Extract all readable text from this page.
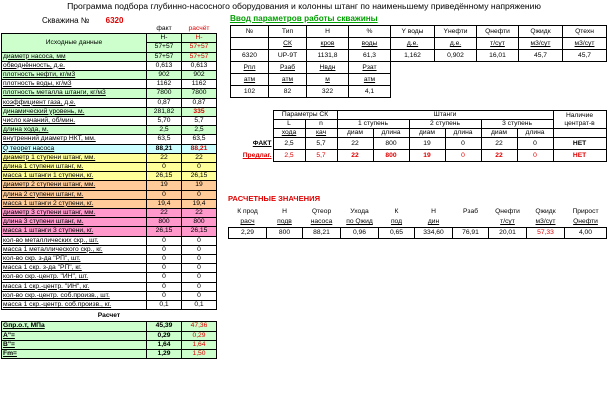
Программа подбора глубинно-насосного оборудования и колонны штанг по наименьшему приведённому напряжению
Скважина № 6320	Ввод параметров работы скважины
	факт	расчёт
Исходные данные	Н-	Н-
	57+57	57+57
диаметр насоса, мм	57+57	57+57
обводнённость, д.е.	0,613	0,613
плотность нефти, кг/м3	902	902
плотность воды, кг/м3	1162	1162
плотность металла штанги, кг/м3	7800	7800
коэффициент газа, д.е.	0,87	0,87
динамический уровень, м.	281,82	335
число качаний, об/мин.	5,70	5,7
длина хода, м.	2,5	2,5
внутренний диаметр НКТ, мм.	63,5	63,5
Q теорет насоса	88,21	88,21
диаметр 1 ступени штанг, мм.	22	22
длина 1 ступени штанг, м.	0	0
масса 1 штанги 1 ступени, кг.	26,15	26,15
диаметр 2 ступени штанг, мм.	19	19
длина 2 ступени штанг, м.	0	0
масса 1 штанги 2 ступени, кг.	19,4	19,4
диаметр 3 ступени штанг, мм.	22	22
длина 3 ступени штанг, м.	800	800
масса 1 штанги 3 ступени, кг.	26,15	26,15
кол-во металлических скр., шт.	0	0
масса 1 металлического скр., кг.	0	0
кол-во скр. з-да "РП", шт.	0	0
масса 1 скр. з-да "РП", кг.	0	0
кол-во скр.-центр. "ИН", шт.	0	0
масса 1 скр.-центр. "ИН", кг.	0	0
кол-во скр.-центр. соб.произв., шт.	0	0
масса 1 скр.-центр. соб.произв., кг.	0,1	0,1
Расчет		
Gпр.о.т, МПа	45,39	47,36
A"=	0,29	0,29
B"=	1,64	1,64
Fm=	1,29	1,50
№	Тип	Н	%	Y воды	Yнефти	Qнефти	Qжидк	Qтехн
	СК	кров	воды	д.е.	д.е.	т/сут	м3/сут	м3/сут
6320	UP-9T	1131,8	61,3	1,162	0,902	16,01	45,7	45,7
Рпл	Рзаб	Нвдн	Рзат					
атм	атм	м	атм					
102	82	322	4,1					
	Параметры СК		Штанги						Наличие центрат-в
	L	n	1 ступень		2 ступень		3 ступень		
	хода	кач	диам	длина	диам	длина	диам	длина	
ФАКТ	2,5	5,7	22	800	19	0	22	0	НЕТ
Предлаг.	2,5	5,7	22	800	19	0	22	0	НЕТ
РАСЧЕТНЫЕ ЗНАЧЕНИЯ
К прод	Н	Qтеор	Ухода	К	Н	Рзаб	Qнефти	Qжидк	Прирост
расч	подв	насоса	по Qжид	под	дин		т/сут	м3/сут	Qнефти
2,29	800	88,21	0,96	0,65	334,60	76,91	20,01	57,33	4,00
